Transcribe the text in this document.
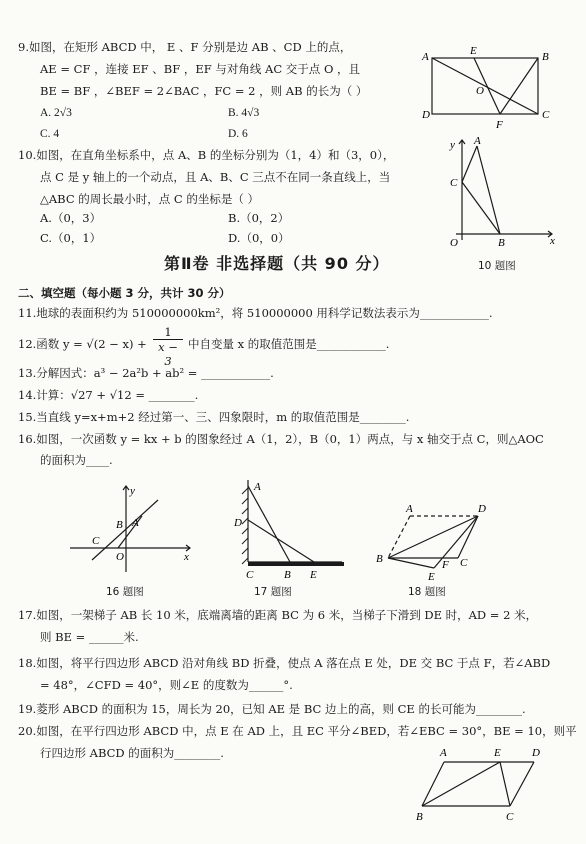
9.如图，在矩形 ABCD 中， E 、F 分别是边 AB 、CD 上的点，
AE = CF ，连接 EF 、BF ，EF 与对角线 AC 交于点 O ，且
BE = BF ，∠BEF = 2∠BAC ，FC = 2 ，则 AB 的长为（ ）
A. 2√3	B. 4√3
C. 4	D. 6
A	E	B
D
O
C
F
10.如图，在直角坐标系中，点 A、B 的坐标分别为（1，4）和（3，0），
点 C 是 y 轴上的一个动点，且 A、B、C 三点不在同一条直线上，当
△ABC 的周长最小时，点 C 的坐标是（ ）
A.（0，3）	B.（0，2）
C.（0，1）	D.（0，0）
y A
C
O	B	x
第Ⅱ卷 非选择题（共 90 分）	10 题图
二、填空题（每小题 3 分，共计 30 分）
11.地球的表面积约为 510000000km²，将 510000000 用科学记数法表示为____________.
12.函数 $y = √(2 - x) + \frac{1}{x - 3}$ 中自变量 x 的取值范围是____________.
13.分解因式：a³ − 2a²b + ab² = ____________.
14.计算：√27 + √12 = ________.
15.当直线 y=x+m+2 经过第一、三、四象限时，m 的取值范围是________.
16.如图，一次函数 y = kx + b 的图象经过 A（1，2），B（0，1）两点，与 x 轴交于点 C，则△AOC
的面积为____.
y
A
B
C
O	x
16 题图
A
D
C	B E
17 题图
A	D
B	C
F
E
18 题图
17.如图，一架梯子 AB 长 10 米，底端离墙的距离 BC 为 6 米，当梯子下滑到 DE 时，AD = 2 米，
则 BE = ______米.
18.如图，将平行四边形 ABCD 沿对角线 BD 折叠，使点 A 落在点 E 处，DE 交 BC 于点 F，若∠ABD
= 48°，∠CFD = 40°，则∠E 的度数为______°.
19.菱形 ABCD 的面积为 15，周长为 20，已知 AE 是 BC 边上的高，则 CE 的长可能为________.
20.如图，在平行四边形 ABCD 中，点 E 在 AD 上，且 EC 平分∠BED，若∠EBC = 30°，BE = 10，则平
行四边形 ABCD 的面积为________.	A	E	D
B	C
